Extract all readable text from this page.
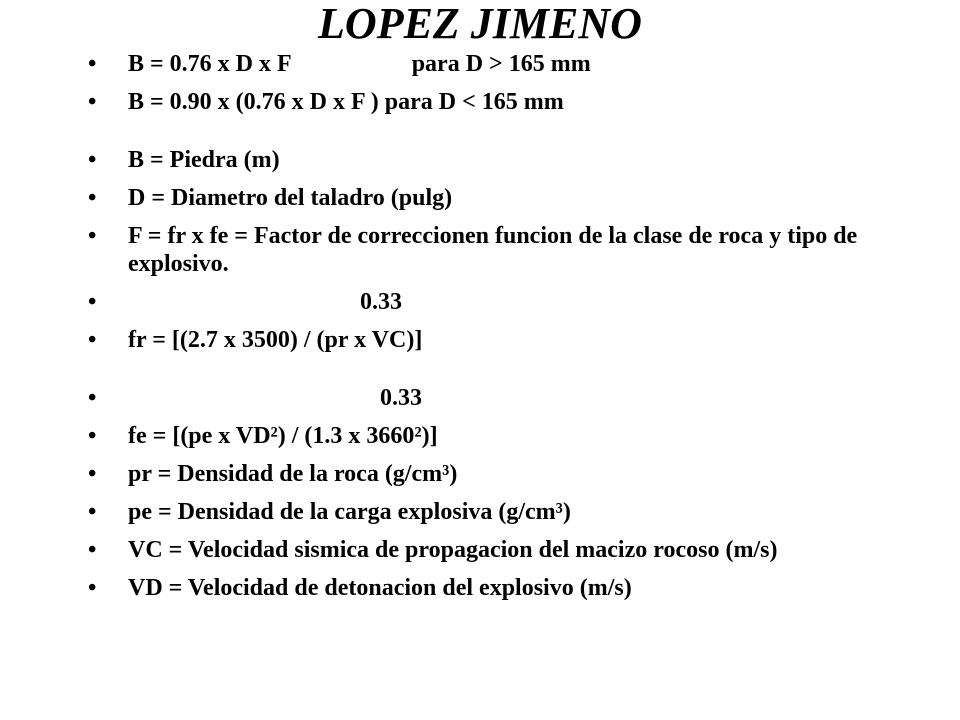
LOPEZ JIMENO
• B = 0.76 x D x F	para D > 165 mm
• B = 0.90 x (0.76 x D x F ) para D < 165 mm
• B = Piedra (m)
• D = Diametro del taladro (pulg)
• F = fr x fe = Factor de correccionen funcion de la clase de roca y tipo de explosivo.
• 0.33
• fr = [(2.7 x 3500) / (pr x VC)]
• 0.33
• fe = [(pe x VD²) / (1.3 x 3660²)]
• pr = Densidad de la roca (g/cm³)
• pe = Densidad de la carga explosiva (g/cm³)
• VC = Velocidad sismica de propagacion del macizo rocoso (m/s)
• VD = Velocidad de detonacion del explosivo (m/s)
